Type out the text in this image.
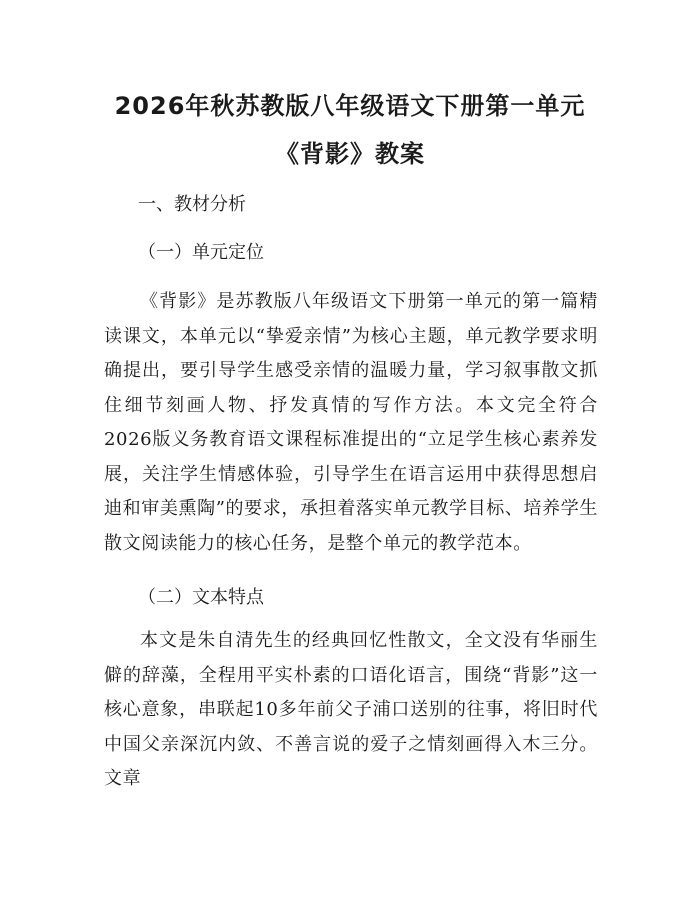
2026年秋苏教版八年级语文下册第一单元
《背影》教案
一、教材分析
（一）单元定位

《背影》是苏教版八年级语文下册第一单元的第一篇精读课文，本单元以“挚爱亲情”为核心主题，单元教学要求明确提出，要引导学生感受亲情的温暖力量，学习叙事散文抓住细节刻画人物、抒发真情的写作方法。本文完全符合2026版义务教育语文课程标准提出的“立足学生核心素养发展，关注学生情感体验，引导学生在语言运用中获得思想启迪和审美熏陶”的要求，承担着落实单元教学目标、培养学生散文阅读能力的核心任务，是整个单元的教学范本。

（二）文本特点

本文是朱自清先生的经典回忆性散文，全文没有华丽生僻的辞藻，全程用平实朴素的口语化语言，围绕“背影”这一核心意象，串联起10多年前父子浦口送别的往事，将旧时代中国父亲深沉内敛、不善言说的爱子之情刻画得入木三分。文章
